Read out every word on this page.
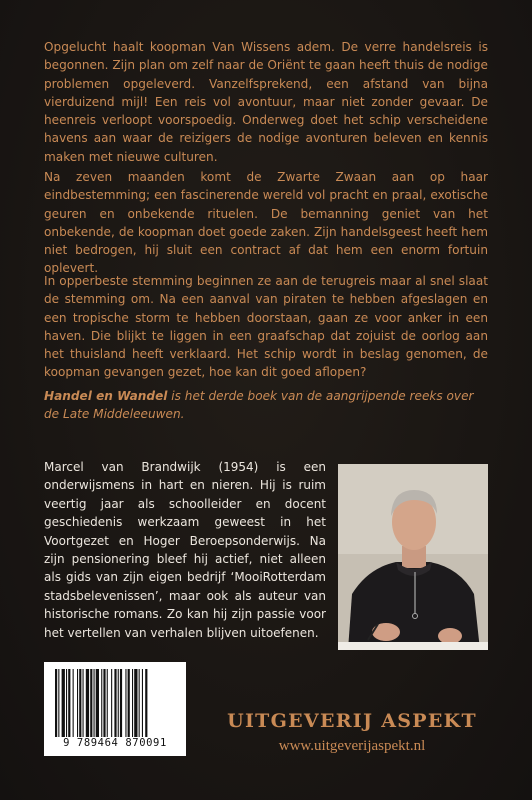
Opgelucht haalt koopman Van Wissens adem. De verre handelsreis is begonnen. Zijn plan om zelf naar de Oriënt te gaan heeft thuis de nodige problemen opgeleverd. Vanzelfsprekend, een afstand van bijna vierduizend mijl! Een reis vol avontuur, maar niet zonder gevaar. De heenreis verloopt voorspoedig. Onderweg doet het schip verscheidene havens aan waar de reizigers de nodige avonturen beleven en kennis maken met nieuwe culturen.

Na zeven maanden komt de Zwarte Zwaan aan op haar eindbestemming; een fascinerende wereld vol pracht en praal, exotische geuren en onbekende rituelen. De bemanning geniet van het onbekende, de koopman doet goede zaken. Zijn handelsgeest heeft hem niet bedrogen, hij sluit een contract af dat hem een enorm fortuin oplevert.

In opperbeste stemming beginnen ze aan de terugreis maar al snel slaat de stemming om. Na een aanval van piraten te hebben afgeslagen en een tropische storm te hebben doorstaan, gaan ze voor anker in een haven. Die blijkt te liggen in een graafschap dat zojuist de oorlog aan het thuisland heeft verklaard. Het schip wordt in beslag genomen, de koopman gevangen gezet, hoe kan dit goed aflopen?

Handel en Wandel is het derde boek van de aangrijpende reeks over de Late Middeleeuwen.

Marcel van Brandwijk (1954) is een onderwijsmens in hart en nieren. Hij is ruim veertig jaar als schoolleider en docent geschiedenis werkzaam geweest in het Voortgezet en Hoger Beroepsonderwijs. Na zijn pensionering bleef hij actief, niet alleen als gids van zijn eigen bedrijf ‘MooiRotterdam stadsbelevenissen’, maar ook als auteur van historische romans. Zo kan hij zijn passie voor het vertellen van verhalen blijven uitoefenen.

9 789464 870091

UITGEVERIJ ASPEKT

www.uitgeverijaspekt.nl
